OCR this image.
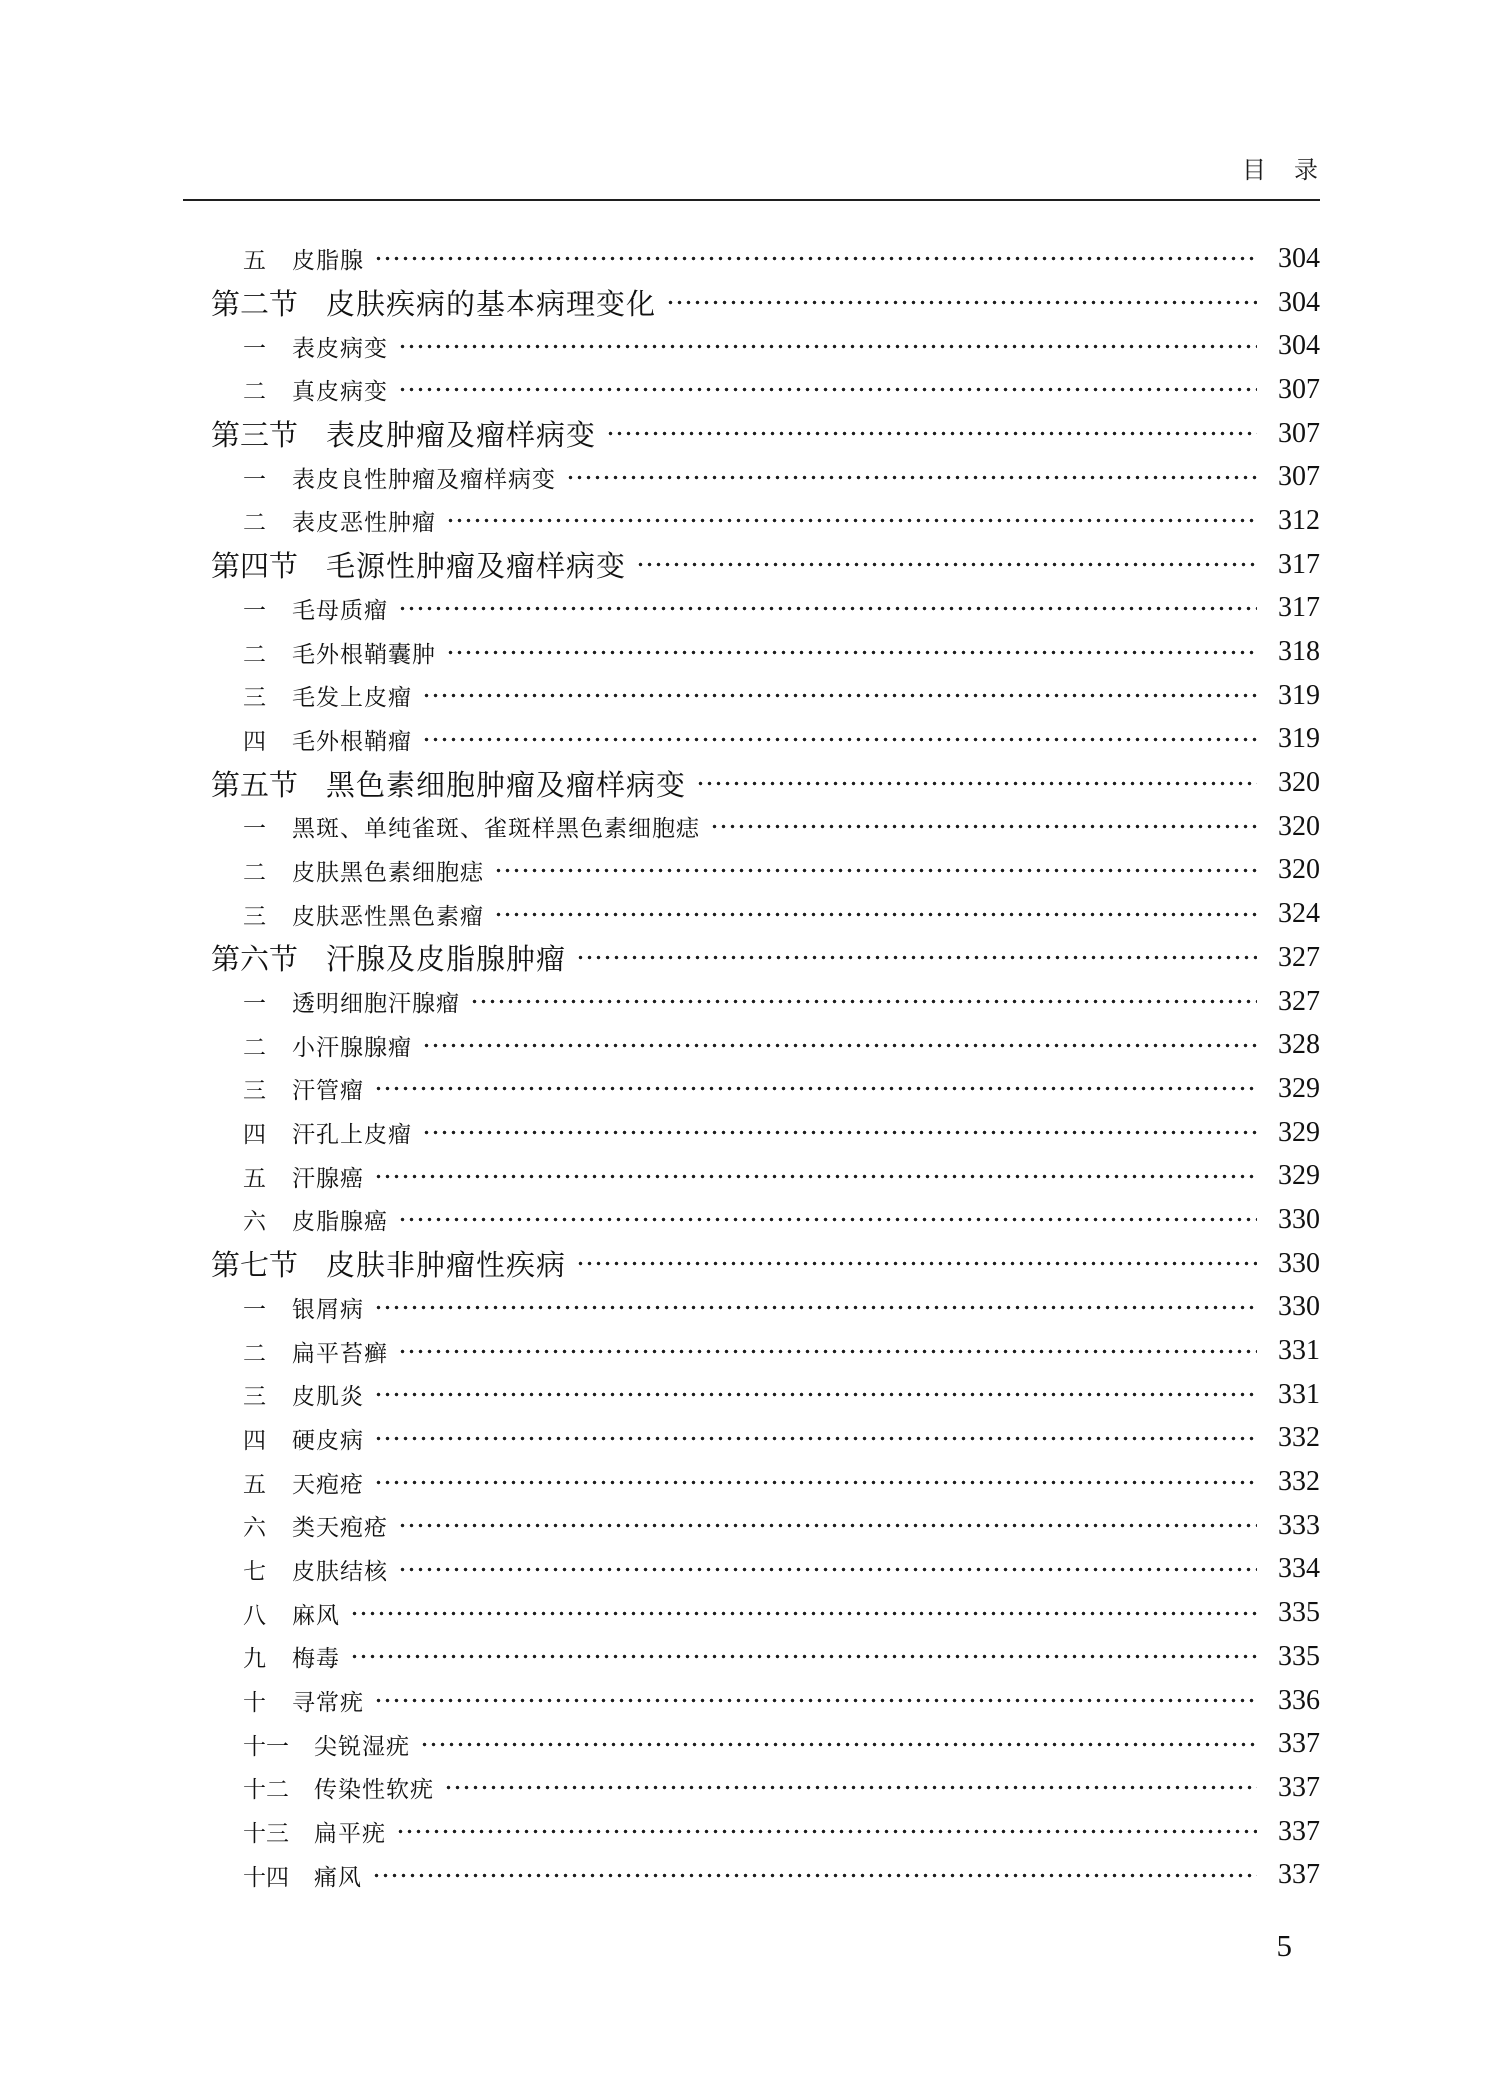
目　录
五 皮脂腺	304
第二节 皮肤疾病的基本病理变化	304
一 表皮病变	304
二 真皮病变	307
第三节 表皮肿瘤及瘤样病变	307
一 表皮良性肿瘤及瘤样病变	307
二 表皮恶性肿瘤	312
第四节 毛源性肿瘤及瘤样病变	317
一 毛母质瘤	317
二 毛外根鞘囊肿	318
三 毛发上皮瘤	319
四 毛外根鞘瘤	319
第五节 黑色素细胞肿瘤及瘤样病变	320
一 黑斑、单纯雀斑、雀斑样黑色素细胞痣	320
二 皮肤黑色素细胞痣	320
三 皮肤恶性黑色素瘤	324
第六节 汗腺及皮脂腺肿瘤	327
一 透明细胞汗腺瘤	327
二 小汗腺腺瘤	328
三 汗管瘤	329
四 汗孔上皮瘤	329
五 汗腺癌	329
六 皮脂腺癌	330
第七节 皮肤非肿瘤性疾病	330
一 银屑病	330
二 扁平苔癣	331
三 皮肌炎	331
四 硬皮病	332
五 天疱疮	332
六 类天疱疮	333
七 皮肤结核	334
八 麻风	335
九 梅毒	335
十 寻常疣	336
十一 尖锐湿疣	337
十二 传染性软疣	337
十三 扁平疣	337
十四 痛风	337
5
